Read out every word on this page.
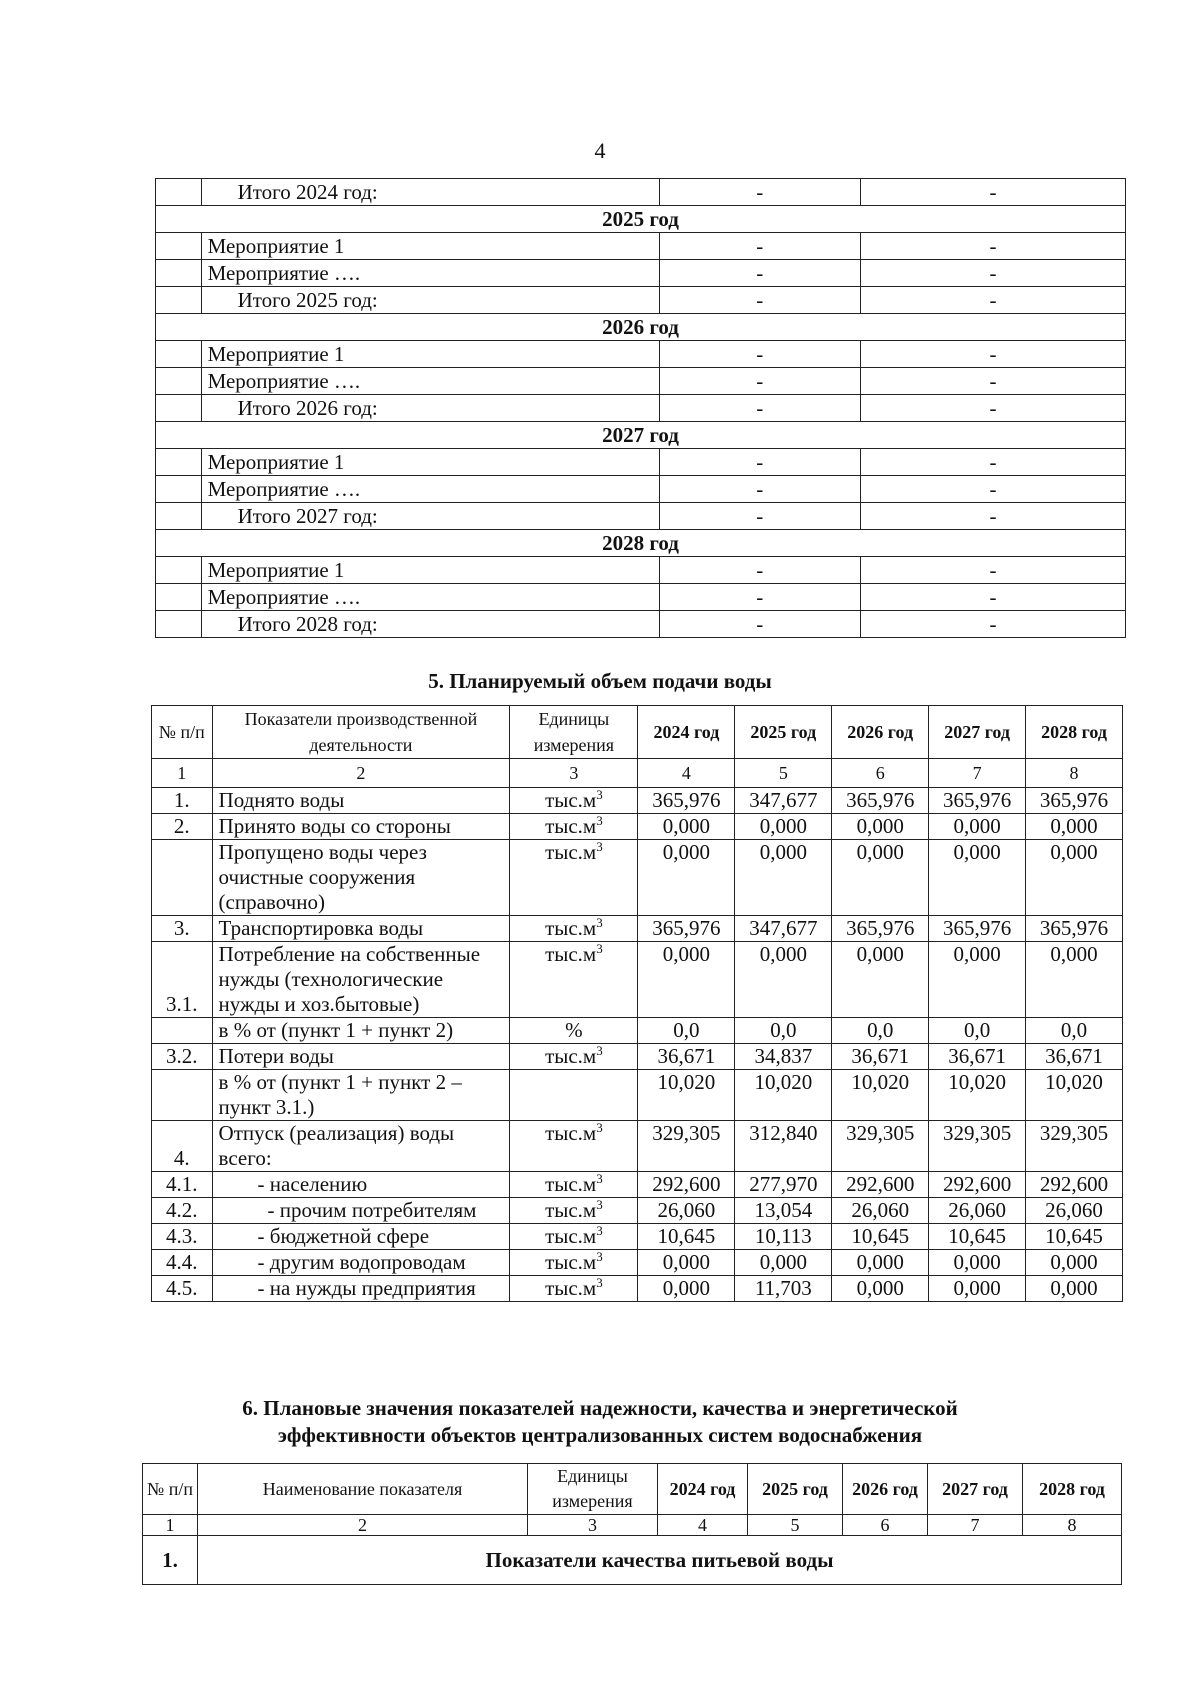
4
	Итого 2024 год:	-	-
2025 год			
	Мероприятие 1	-	-
	Мероприятие ….	-	-
	Итого 2025 год:	-	-
2026 год			
	Мероприятие 1	-	-
	Мероприятие ….	-	-
	Итого 2026 год:	-	-
2027 год			
	Мероприятие 1	-	-
	Мероприятие ….	-	-
	Итого 2027 год:	-	-
2028 год			
	Мероприятие 1	-	-
	Мероприятие ….	-	-
	Итого 2028 год:	-	-
5. Планируемый объем подачи воды
№ п/п	Показатели производственной деятельности	Единицы измерения	2024 год	2025 год	2026 год	2027 год	2028 год
1	2	3	4	5	6	7	8
1.	Поднято воды	$тыс.м^3$	365,976	347,677	365,976	365,976	365,976
2.	Принято воды со стороны	$тыс.м^3$	0,000	0,000	0,000	0,000	0,000
	Пропущено воды через очистные сооружения (справочно)	$тыс.м^3$	0,000	0,000	0,000	0,000	0,000
3.	Транспортировка воды	$тыс.м^3$	365,976	347,677	365,976	365,976	365,976
3.1.	Потребление на собственные нужды (технологические нужды и хоз.бытовые)	$тыс.м^3$	0,000	0,000	0,000	0,000	0,000
	в % от (пункт 1 + пункт 2)	%	0,0	0,0	0,0	0,0	0,0
3.2.	Потери воды	$тыс.м^3$	36,671	34,837	36,671	36,671	36,671
	в % от (пункт 1 + пункт 2 – пункт 3.1.)		10,020	10,020	10,020	10,020	10,020
4.	Отпуск (реализация) воды всего:	$тыс.м^3$	329,305	312,840	329,305	329,305	329,305
4.1.	- населению	$тыс.м^3$	292,600	277,970	292,600	292,600	292,600
4.2.	- прочим потребителям	$тыс.м^3$	26,060	13,054	26,060	26,060	26,060
4.3.	- бюджетной сфере	$тыс.м^3$	10,645	10,113	10,645	10,645	10,645
4.4.	- другим водопроводам	$тыс.м^3$	0,000	0,000	0,000	0,000	0,000
4.5.	- на нужды предприятия	$тыс.м^3$	0,000	11,703	0,000	0,000	0,000
6. Плановые значения показателей надежности, качества и энергетической
эффективности объектов централизованных систем водоснабжения
№ п/п	Наименование показателя	Единицы измерения	2024 год	2025 год	2026 год	2027 год	2028 год
1	2	3	4	5	6	7	8
1.	Показатели качества питьевой воды						
